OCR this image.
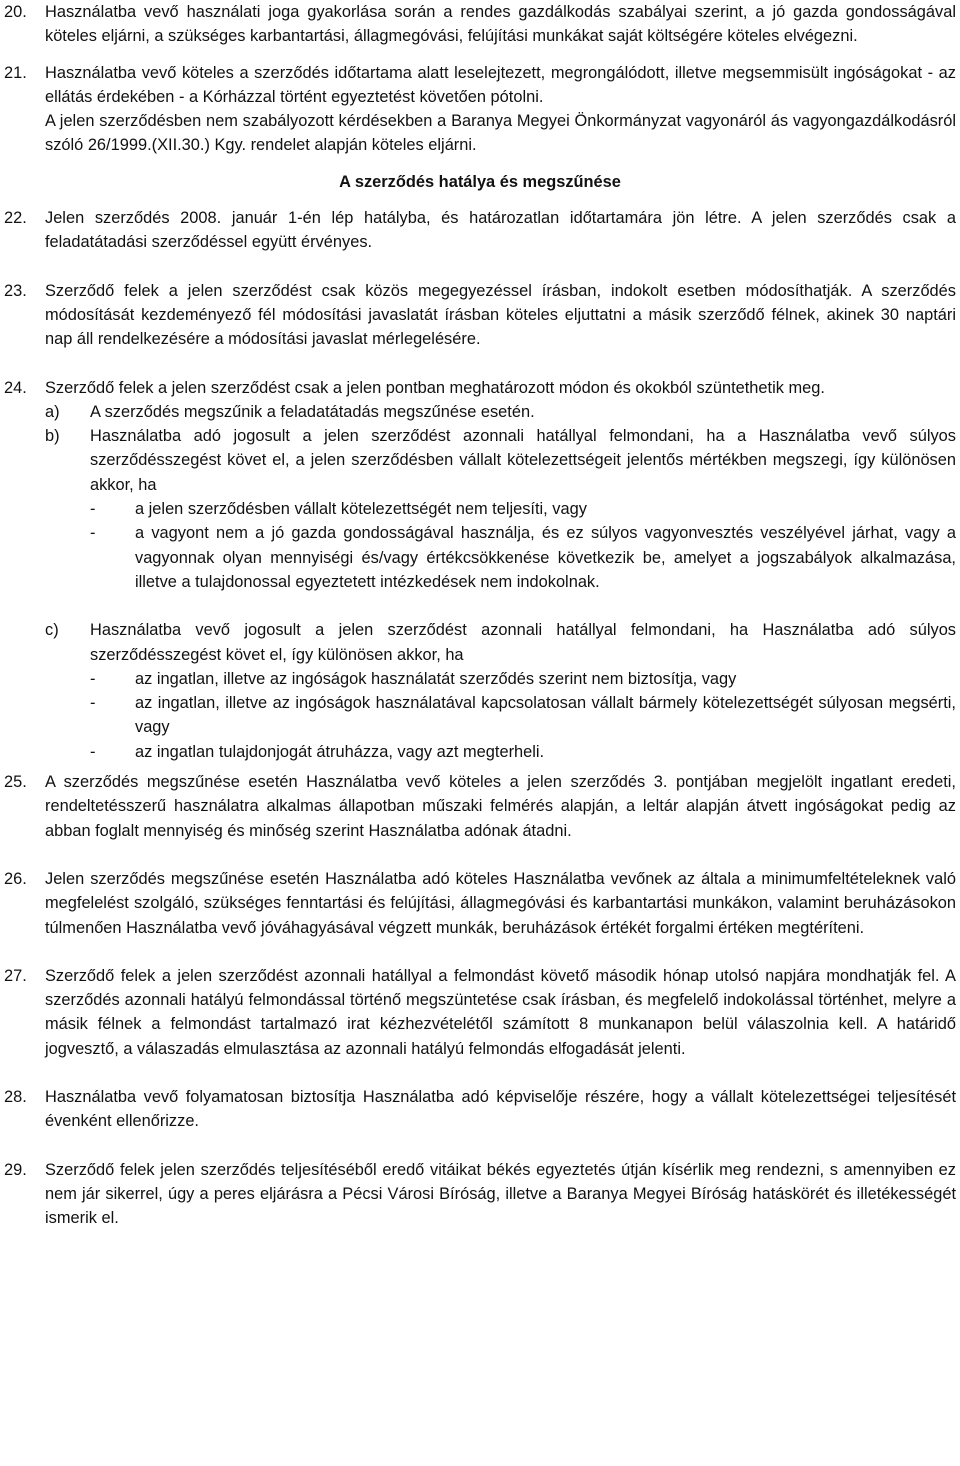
20. Használatba vevő használati joga gyakorlása során a rendes gazdálkodás szabályai szerint, a jó gazda gondosságával köteles eljárni, a szükséges karbantartási, állagmegóvási, felújítási munkákat saját költségére köteles elvégezni.
21. Használatba vevő köteles a szerződés időtartama alatt leselejtezett, megrongálódott, illetve megsemmisült ingóságokat - az ellátás érdekében - a Kórházzal történt egyeztetést követően pótolni.
A jelen szerződésben nem szabályozott kérdésekben a Baranya Megyei Önkormányzat vagyonáról ás vagyongazdálkodásról szóló 26/1999.(XII.30.) Kgy. rendelet alapján köteles eljárni.
A szerződés hatálya és megszűnése
22. Jelen szerződés 2008. január 1-én lép hatályba, és határozatlan időtartamára jön létre. A jelen szerződés csak a feladatátadási szerződéssel együtt érvényes.
23. Szerződő felek a jelen szerződést csak közös megegyezéssel írásban, indokolt esetben módosíthatják. A szerződés módosítását kezdeményező fél módosítási javaslatát írásban köteles eljuttatni a másik szerződő félnek, akinek 30 naptári nap áll rendelkezésére a módosítási javaslat mérlegelésére.
24. Szerződő felek a jelen szerződést csak a jelen pontban meghatározott módon és okokból szüntethetik meg.
a) A szerződés megszűnik a feladatátadás megszűnése esetén.
b) Használatba adó jogosult a jelen szerződést azonnali hatállyal felmondani, ha a Használatba vevő súlyos szerződésszegést követ el, a jelen szerződésben vállalt kötelezettségeit jelentős mértékben megszegi, így különösen akkor, ha
- a jelen szerződésben vállalt kötelezettségét nem teljesíti, vagy
- a vagyont nem a jó gazda gondosságával használja, és ez súlyos vagyonvesztés veszélyével járhat, vagy a vagyonnak olyan mennyiségi és/vagy értékcsökkenése következik be, amelyet a jogszabályok alkalmazása, illetve a tulajdonossal egyeztetett intézkedések nem indokolnak.
c) Használatba vevő jogosult a jelen szerződést azonnali hatállyal felmondani, ha Használatba adó súlyos szerződésszegést követ el, így különösen akkor, ha
- az ingatlan, illetve az ingóságok használatát szerződés szerint nem biztosítja, vagy
- az ingatlan, illetve az ingóságok használatával kapcsolatosan vállalt bármely kötelezettségét súlyosan megsérti, vagy
- az ingatlan tulajdonjogát átruházza, vagy azt megterheli.
25. A szerződés megszűnése esetén Használatba vevő köteles a jelen szerződés 3. pontjában megjelölt ingatlant eredeti, rendeltetésszerű használatra alkalmas állapotban műszaki felmérés alapján, a leltár alapján átvett ingóságokat pedig az abban foglalt mennyiség és minőség szerint Használatba adónak átadni.
26. Jelen szerződés megszűnése esetén Használatba adó köteles Használatba vevőnek az általa a minimumfeltételeknek való megfelelést szolgáló, szükséges fenntartási és felújítási, állagmegóvási és karbantartási munkákon, valamint beruházásokon túlmenően Használatba vevő jóváhagyásával végzett munkák, beruházások értékét forgalmi értéken megtéríteni.
27. Szerződő felek a jelen szerződést azonnali hatállyal a felmondást követő második hónap utolsó napjára mondhatják fel. A szerződés azonnali hatályú felmondással történő megszüntetése csak írásban, és megfelelő indokolással történhet, melyre a másik félnek a felmondást tartalmazó irat kézhezvételétől számított 8 munkanapon belül válaszolnia kell. A határidő jogvesztő, a válaszadás elmulasztása az azonnali hatályú felmondás elfogadását jelenti.
28. Használatba vevő folyamatosan biztosítja Használatba adó képviselője részére, hogy a vállalt kötelezettségei teljesítését évenként ellenőrizze.
29. Szerződő felek jelen szerződés teljesítéséből eredő vitáikat békés egyeztetés útján kísérlik meg rendezni, s amennyiben ez nem jár sikerrel, úgy a peres eljárásra a Pécsi Városi Bíróság, illetve a Baranya Megyei Bíróság hatáskörét és illetékességét ismerik el.
